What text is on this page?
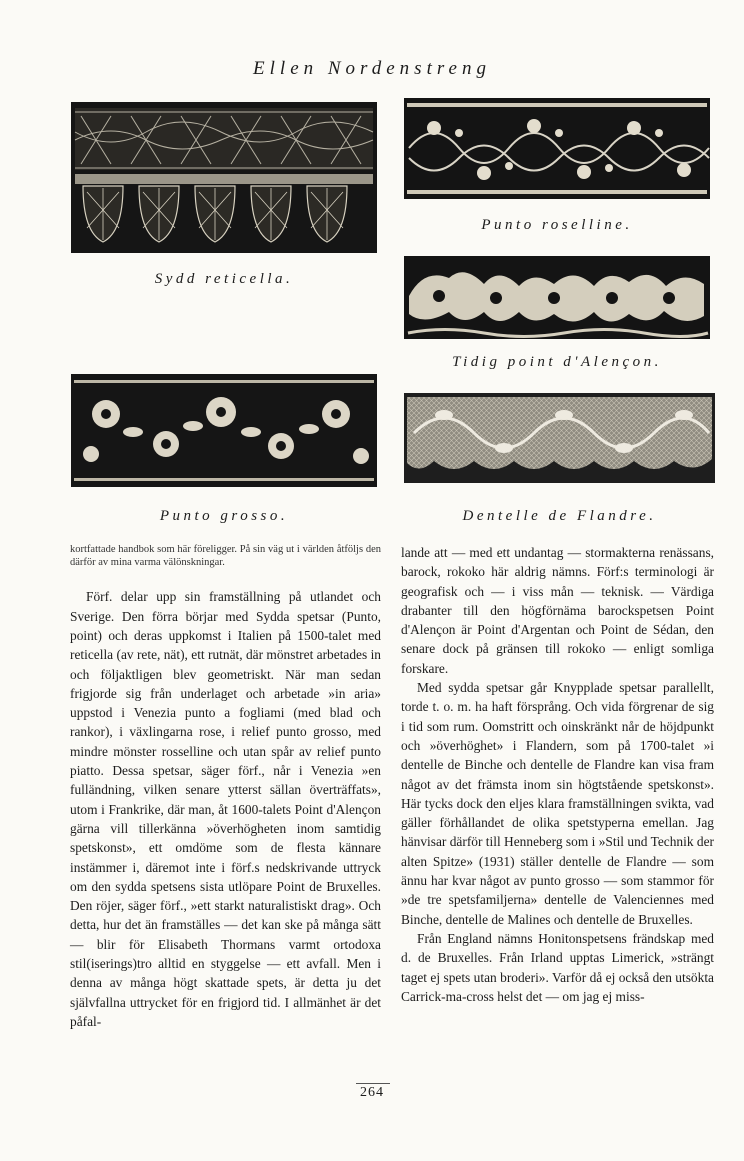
Ellen Nordenstreng
Sydd reticella.
Punto roselline.
Tidig point d'Alençon.
Punto grosso.	Dentelle de Flandre.

kortfattade handbok som här föreligger. På sin väg ut i världen åtföljs den därför av mina varma välönskningar.

Förf. delar upp sin framställning på utlandet och Sverige. Den förra börjar med Sydda spetsar (Punto, point) och deras uppkomst i Italien på 1500-talet med reticella (av rete, nät), ett rutnät, där mönstret arbetades in och följaktligen blev geometriskt. När man sedan frigjorde sig från underlaget och arbetade »in aria» uppstod i Venezia punto a fogliami (med blad och rankor), i växlingarna rose, i relief punto grosso, med mindre mönster rosselline och utan spår av relief punto piatto. Dessa spetsar, säger förf., når i Venezia »en fulländning, vilken senare ytterst sällan överträffats», utom i Frankrike, där man, åt 1600-talets Point d'Alençon gärna vill tillerkänna »överhögheten inom samtidig spetskonst», ett omdöme som de flesta kännare instämmer i, däremot inte i förf.s nedskrivande uttryck om den sydda spetsens sista utlöpare Point de Bruxelles. Den röjer, säger förf., »ett starkt naturalistiskt drag». Och detta, hur det än framställes — det kan ske på många sätt — blir för Elisabeth Thormans varmt ortodoxa stil(iserings)tro alltid en styggelse — ett avfall. Men i denna av många högt skattade spets, är detta ju det självfallna uttrycket för en frigjord tid. I allmänhet är det påfal-

lande att — med ett undantag — stormakterna renässans, barock, rokoko här aldrig nämns. Förf:s terminologi är geografisk och — i viss mån — teknisk. — Värdiga drabanter till den högförnäma barockspetsen Point d'Alençon är Point d'Argentan och Point de Sédan, den senare dock på gränsen till rokoko — enligt somliga forskare.

Med sydda spetsar går Knypplade spetsar parallellt, torde t. o. m. ha haft försprång. Och vida förgrenar de sig i tid som rum. Oomstritt och oinskränkt når de höjdpunkt och »överhöghet» i Flandern, som på 1700-talet »i dentelle de Binche och dentelle de Flandre kan visa fram något av det främsta inom sin högtstående spetskonst». Här tycks dock den eljes klara framställningen svikta, vad gäller förhållandet de olika spetstyperna emellan. Jag hänvisar därför till Henneberg som i »Stil und Technik der alten Spitze» (1931) ställer dentelle de Flandre — som ännu har kvar något av punto grosso — som stammor för »de tre spetsfamiljerna» dentelle de Valenciennes med Binche, dentelle de Malines och dentelle de Bruxelles.

Från England nämns Honitonspetsens frändskap med d. de Bruxelles. Från Irland upptas Limerick, »strängt taget ej spets utan broderi». Varför då ej också den utsökta Carrick-ma-cross helst det — om jag ej miss-

264
